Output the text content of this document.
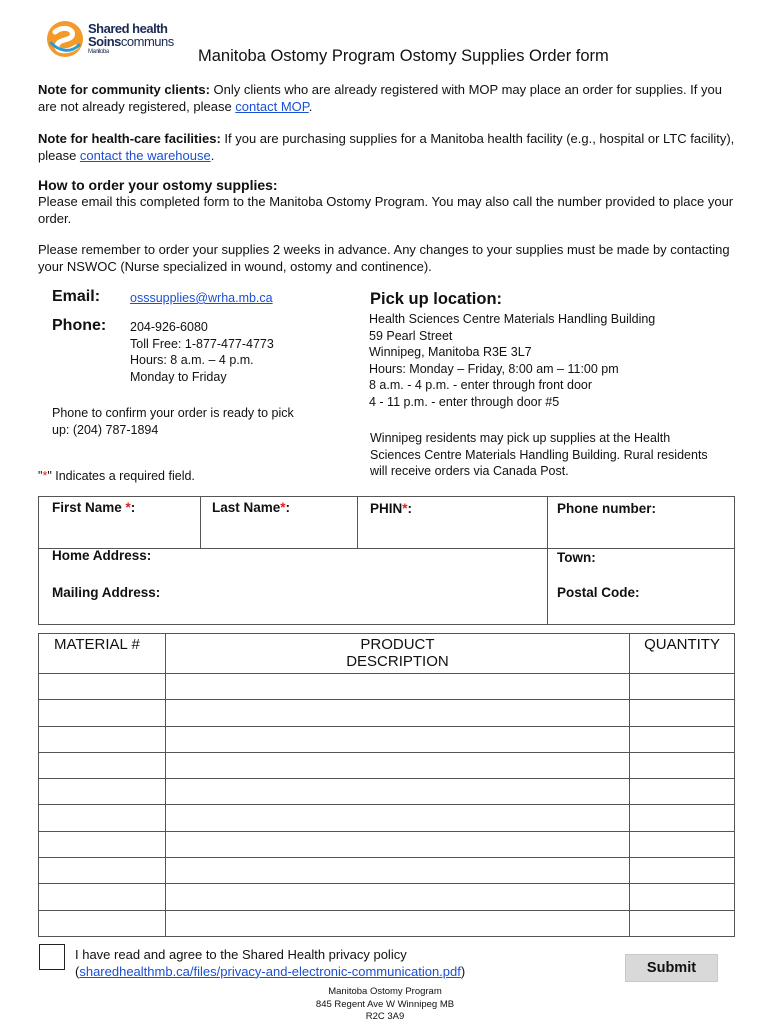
Shared health
Soinscommuns
Manitoba	Manitoba Ostomy Program Ostomy Supplies Order form
Note for community clients: Only clients who are already registered with MOP may place an order for supplies. If you are not already registered, please contact MOP.
Note for health-care facilities: If you are purchasing supplies for a Manitoba health facility (e.g., hospital or LTC facility), please contact the warehouse.
How to order your ostomy supplies:
Please email this completed form to the Manitoba Ostomy Program. You may also call the number provided to place your order.
Please remember to order your supplies 2 weeks in advance. Any changes to your supplies must be made by contacting your NSWOC (Nurse specialized in wound, ostomy and continence).
Email: osssupplies@wrha.mb.ca
Phone: 204-926-6080
Toll Free: 1-877-477-4773
Hours: 8 a.m. – 4 p.m.
Monday to Friday
Phone to confirm your order is ready to pick
up: (204) 787-1894
"*" Indicates a required field.
Pick up location:
Health Sciences Centre Materials Handling Building
59 Pearl Street
Winnipeg, Manitoba R3E 3L7
Hours: Monday – Friday, 8:00 am – 11:00 pm
8 a.m. - 4 p.m. - enter through front door
4 - 11 p.m. - enter through door #5
Winnipeg residents may pick up supplies at the Health Sciences Centre Materials Handling Building. Rural residents will receive orders via Canada Post.
First Name *:	Last Name*:	PHIN*:	Phone number:
Home Address:	Town:
Mailing Address:	Postal Code:
MATERIAL #	PRODUCT DESCRIPTION	QUANTITY

I have read and agree to the Shared Health privacy policy
(sharedhealthmb.ca/files/privacy-and-electronic-communication.pdf)	Submit
Manitoba Ostomy Program
845 Regent Ave W Winnipeg MB
R2C 3A9
